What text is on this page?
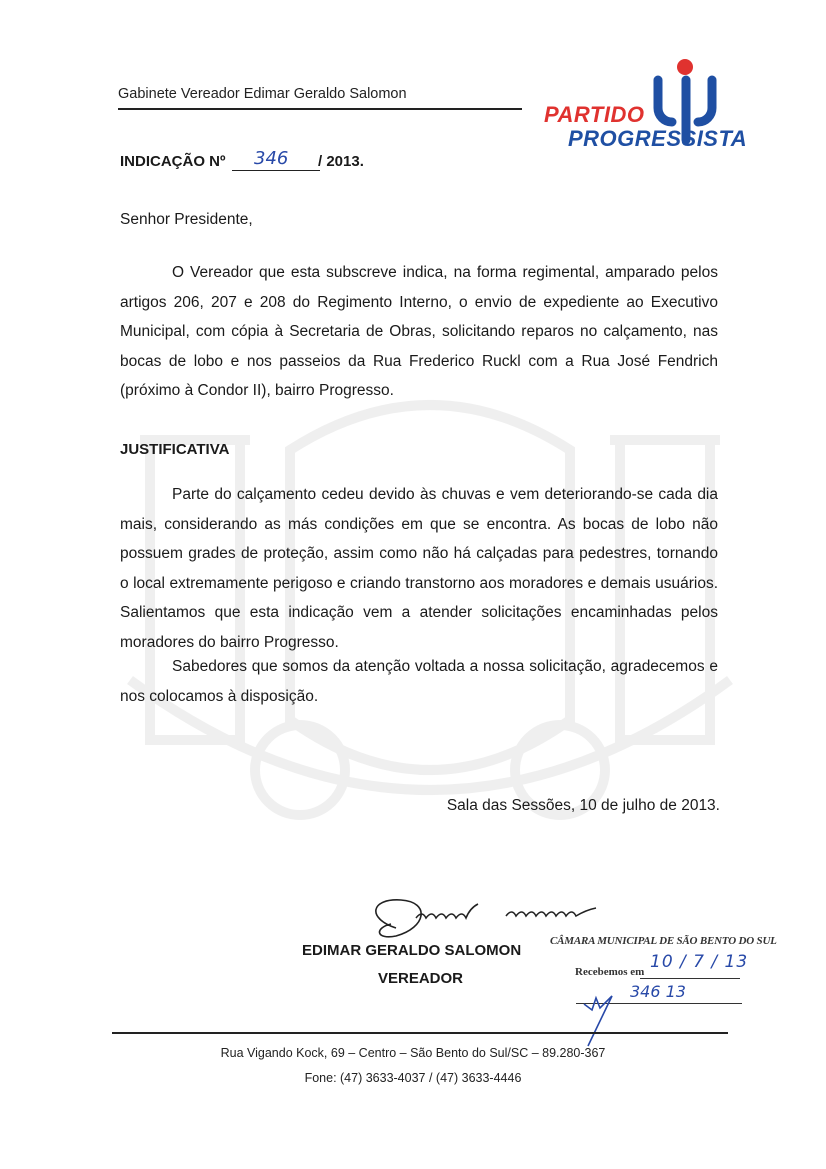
Gabinete Vereador Edimar Geraldo Salomon
PARTIDO
PROGRESSISTA
INDICAÇÃO Nº 346 / 2013.
Senhor Presidente,
O Vereador que esta subscreve indica, na forma regimental, amparado pelos artigos 206, 207 e 208 do Regimento Interno, o envio de expediente ao Executivo Municipal, com cópia à Secretaria de Obras, solicitando reparos no calçamento, nas bocas de lobo e nos passeios da Rua Frederico Ruckl com a Rua José Fendrich (próximo à Condor II), bairro Progresso.
JUSTIFICATIVA
Parte do calçamento cedeu devido às chuvas e vem deteriorando-se cada dia mais, considerando as más condições em que se encontra. As bocas de lobo não possuem grades de proteção, assim como não há calçadas para pedestres, tornando o local extremamente perigoso e criando transtorno aos moradores e demais usuários. Salientamos que esta indicação vem a atender solicitações encaminhadas pelos moradores do bairro Progresso.
Sabedores que somos da atenção voltada a nossa solicitação, agradecemos e nos colocamos à disposição.
Sala das Sessões, 10 de julho de 2013.
EDIMAR GERALDO SALOMON
VEREADOR
CÂMARA MUNICIPAL DE SÃO BENTO DO SUL
Recebemos em 10 / 7 / 13
346 13
Rua Vigando Kock, 69 – Centro – São Bento do Sul/SC – 89.280-367
Fone: (47) 3633-4037 / (47) 3633-4446
